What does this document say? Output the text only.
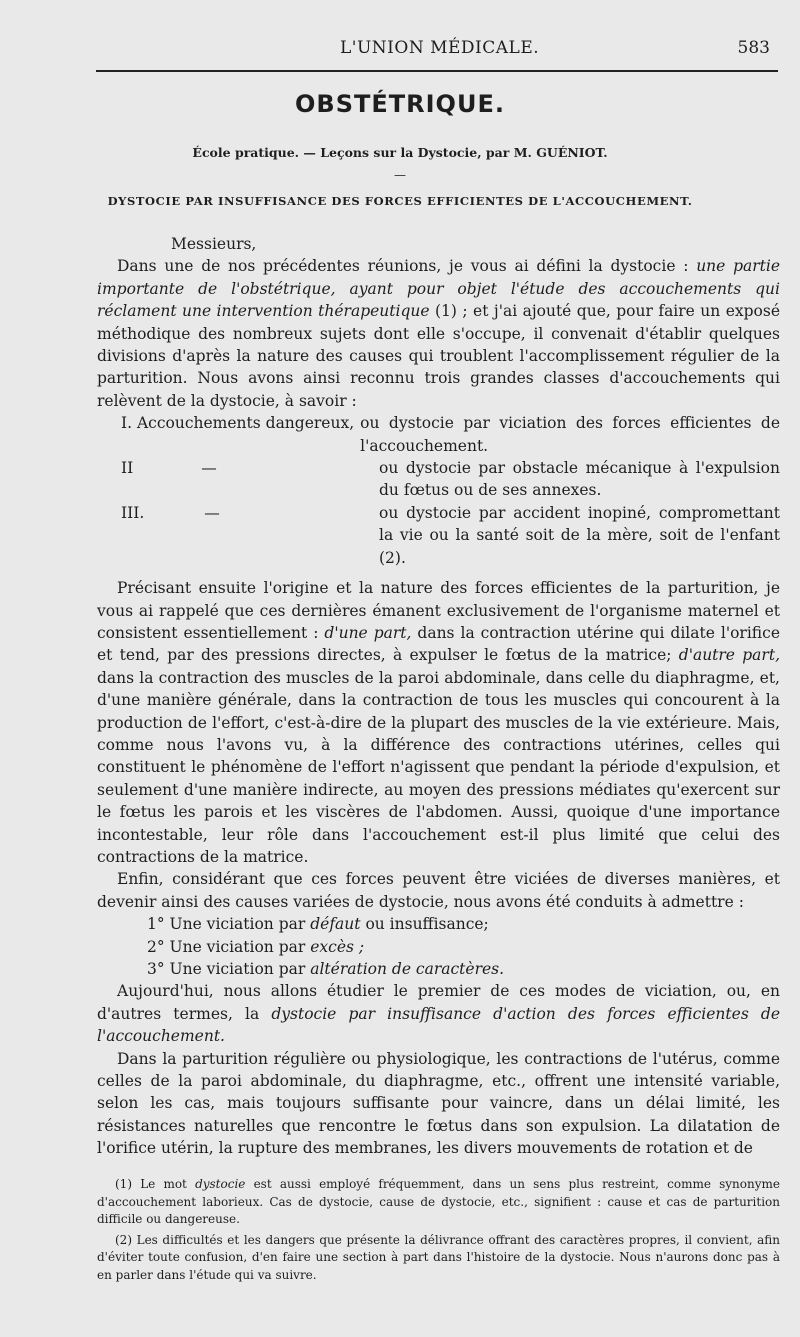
L'UNION MÉDICALE.	583
OBSTÉTRIQUE.
École pratique. — Leçons sur la Dystocie, par M. GUÉNIOT.
—
DYSTOCIE PAR INSUFFISANCE DES FORCES EFFICIENTES DE L'ACCOUCHEMENT.

Messieurs,

Dans une de nos précédentes réunions, je vous ai défini la dystocie : une partie importante de l'obstétrique, ayant pour objet l'étude des accouchements qui réclament une intervention thérapeutique (1) ; et j'ai ajouté que, pour faire un exposé méthodique des nombreux sujets dont elle s'occupe, il convenait d'établir quelques divisions d'après la nature des causes qui troublent l'accomplissement régulier de la parturition. Nous avons ainsi reconnu trois grandes classes d'accouchements qui relèvent de la dystocie, à savoir :

I. Accouchements dangereux, ou dystocie par viciation des forces efficientes de l'accouchement.
II	—	ou dystocie par obstacle mécanique à l'expulsion du fœtus ou de ses annexes.
III.	—	ou dystocie par accident inopiné, compromettant la vie ou la santé soit de la mère, soit de l'enfant (2).

Précisant ensuite l'origine et la nature des forces efficientes de la parturition, je vous ai rappelé que ces dernières émanent exclusivement de l'organisme maternel et consistent essentiellement : d'une part, dans la contraction utérine qui dilate l'orifice et tend, par des pressions directes, à expulser le fœtus de la matrice; d'autre part, dans la contraction des muscles de la paroi abdominale, dans celle du diaphragme, et, d'une manière générale, dans la contraction de tous les muscles qui concourent à la production de l'effort, c'est-à-dire de la plupart des muscles de la vie extérieure. Mais, comme nous l'avons vu, à la différence des contractions utérines, celles qui constituent le phénomène de l'effort n'agissent que pendant la période d'expulsion, et seulement d'une manière indirecte, au moyen des pressions médiates qu'exercent sur le fœtus les parois et les viscères de l'abdomen. Aussi, quoique d'une importance incontestable, leur rôle dans l'accouchement est-il plus limité que celui des contractions de la matrice.

Enfin, considérant que ces forces peuvent être viciées de diverses manières, et devenir ainsi des causes variées de dystocie, nous avons été conduits à admettre :

1° Une viciation par défaut ou insuffisance;

2° Une viciation par excès ;

3° Une viciation par altération de caractères.

Aujourd'hui, nous allons étudier le premier de ces modes de viciation, ou, en d'autres termes, la dystocie par insuffisance d'action des forces efficientes de l'accouchement.

Dans la parturition régulière ou physiologique, les contractions de l'utérus, comme celles de la paroi abdominale, du diaphragme, etc., offrent une intensité variable, selon les cas, mais toujours suffisante pour vaincre, dans un délai limité, les résistances naturelles que rencontre le fœtus dans son expulsion. La dilatation de l'orifice utérin, la rupture des membranes, les divers mouvements de rotation et de

(1) Le mot dystocie est aussi employé fréquemment, dans un sens plus restreint, comme synonyme d'accouchement laborieux. Cas de dystocie, cause de dystocie, etc., signifient : cause et cas de parturition difficile ou dangereuse.

(2) Les difficultés et les dangers que présente la délivrance offrant des caractères propres, il convient, afin d'éviter toute confusion, d'en faire une section à part dans l'histoire de la dystocie. Nous n'aurons donc pas à en parler dans l'étude qui va suivre.
